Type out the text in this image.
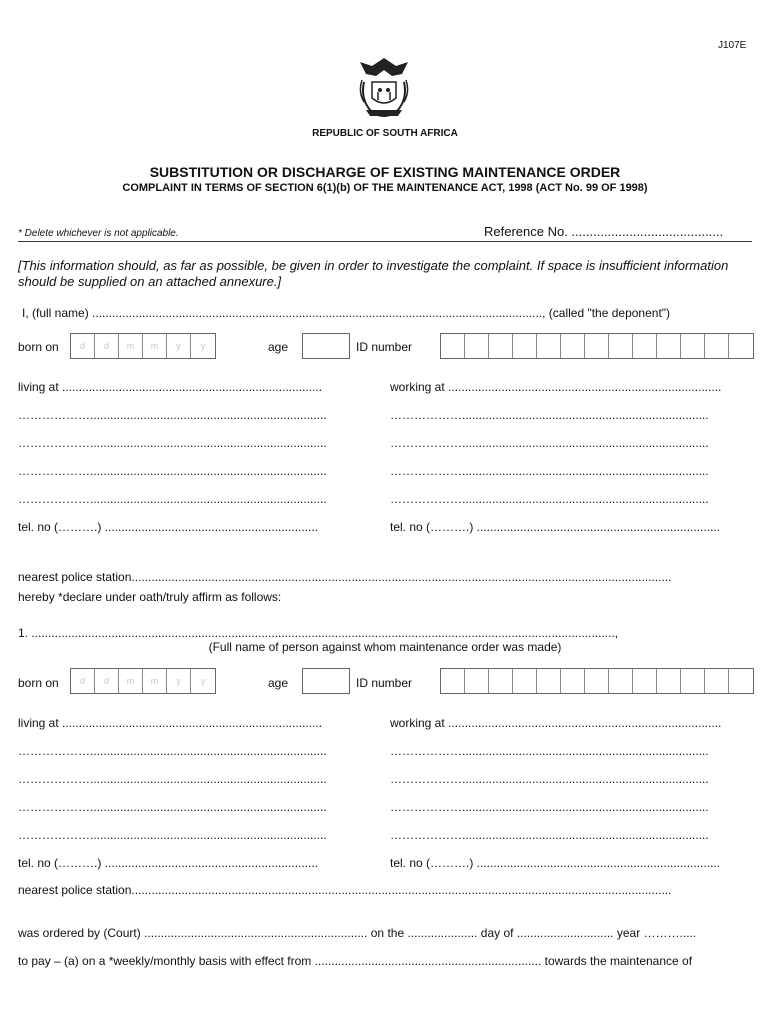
J107E
REPUBLIC OF SOUTH AFRICA
SUBSTITUTION OR DISCHARGE OF EXISTING MAINTENANCE ORDER
COMPLAINT IN TERMS OF SECTION 6(1)(b) OF THE MAINTENANCE ACT, 1998 (ACT No. 99 OF 1998)
* Delete whichever is not applicable.	Reference No. ..........................................
[This information should, as far as possible, be given in order to investigate the complaint. If space is insufficient information should be supplied on an attached annexure.]
I, (full name) ......................................................................................................................................., (called "the deponent")
born on	d	d	m	m	y	y	age	ID number
living at ..............................................................................	working at ..................................................................................
……………….......................................................................	………………..........................................................................
……………….......................................................................	………………..........................................................................
……………….......................................................................	………………..........................................................................
……………….......................................................................	………………..........................................................................
tel. no (……….) ................................................................	tel. no (……….) .........................................................................
nearest police station..................................................................................................................................................................
hereby *declare under oath/truly affirm as follows:
1. ...............................................................................................................................................................................,
(Full name of person against whom maintenance order was made)
born on	d	d	m	m	y	y	age	ID number
living at ..............................................................................	working at ..................................................................................
……………….......................................................................	………………..........................................................................
……………….......................................................................	………………..........................................................................
……………….......................................................................	………………..........................................................................
……………….......................................................................	………………..........................................................................
tel. no (……….) ................................................................	tel. no (……….) .........................................................................
nearest police station..................................................................................................................................................................
was ordered by (Court) ................................................................... on the ..................... day of ............................. year ……….....
to pay – (a) on a *weekly/monthly basis with effect from .................................................................... towards the maintenance of
